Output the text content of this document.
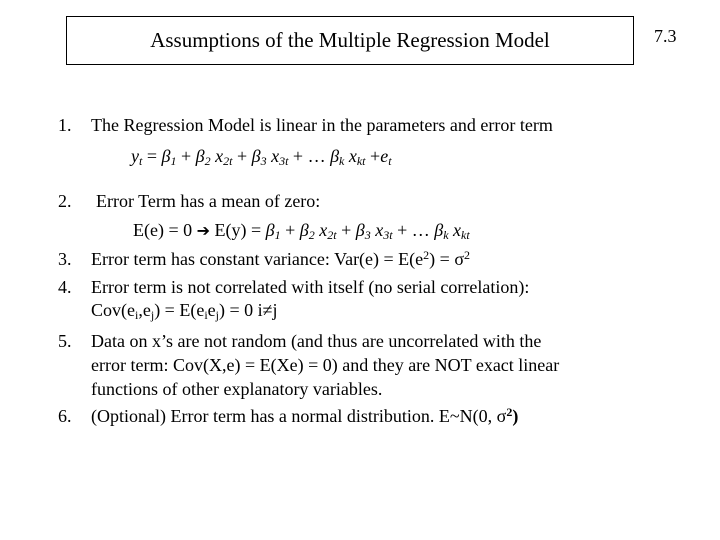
Assumptions of the Multiple Regression Model	7.3
1. The Regression Model is linear in the parameters and error term
$y_t = \beta_1 + \beta_2$ $x_{2t} + \beta_3$ $x_{3t}$ + … $\beta_k$ $x_{kt} +e_t$
2. Error Term has a mean of zero:
E(e) = 0 ➔ $E(y) = \beta_1 + \beta_2$ $x_{2t} + \beta_3$ $x_{3t}$ + … $\beta_k$ $x_{kt}$
3. Error term has constant variance: $Var(e) = E(e^2) = \sigma^2$
4. Error term is not correlated with itself (no serial correlation):
$Cov(e_i,e_j) = E(e_ie_j) = 0$ i≠j
5. Data on x’s are not random (and thus are uncorrelated with the
error term: Cov(X,e) = E(Xe) = 0) and they are NOT exact linear
functions of other explanatory variables.
6. (Optional) Error term has a normal distribution. E~N(0, $\sigma^2$)
